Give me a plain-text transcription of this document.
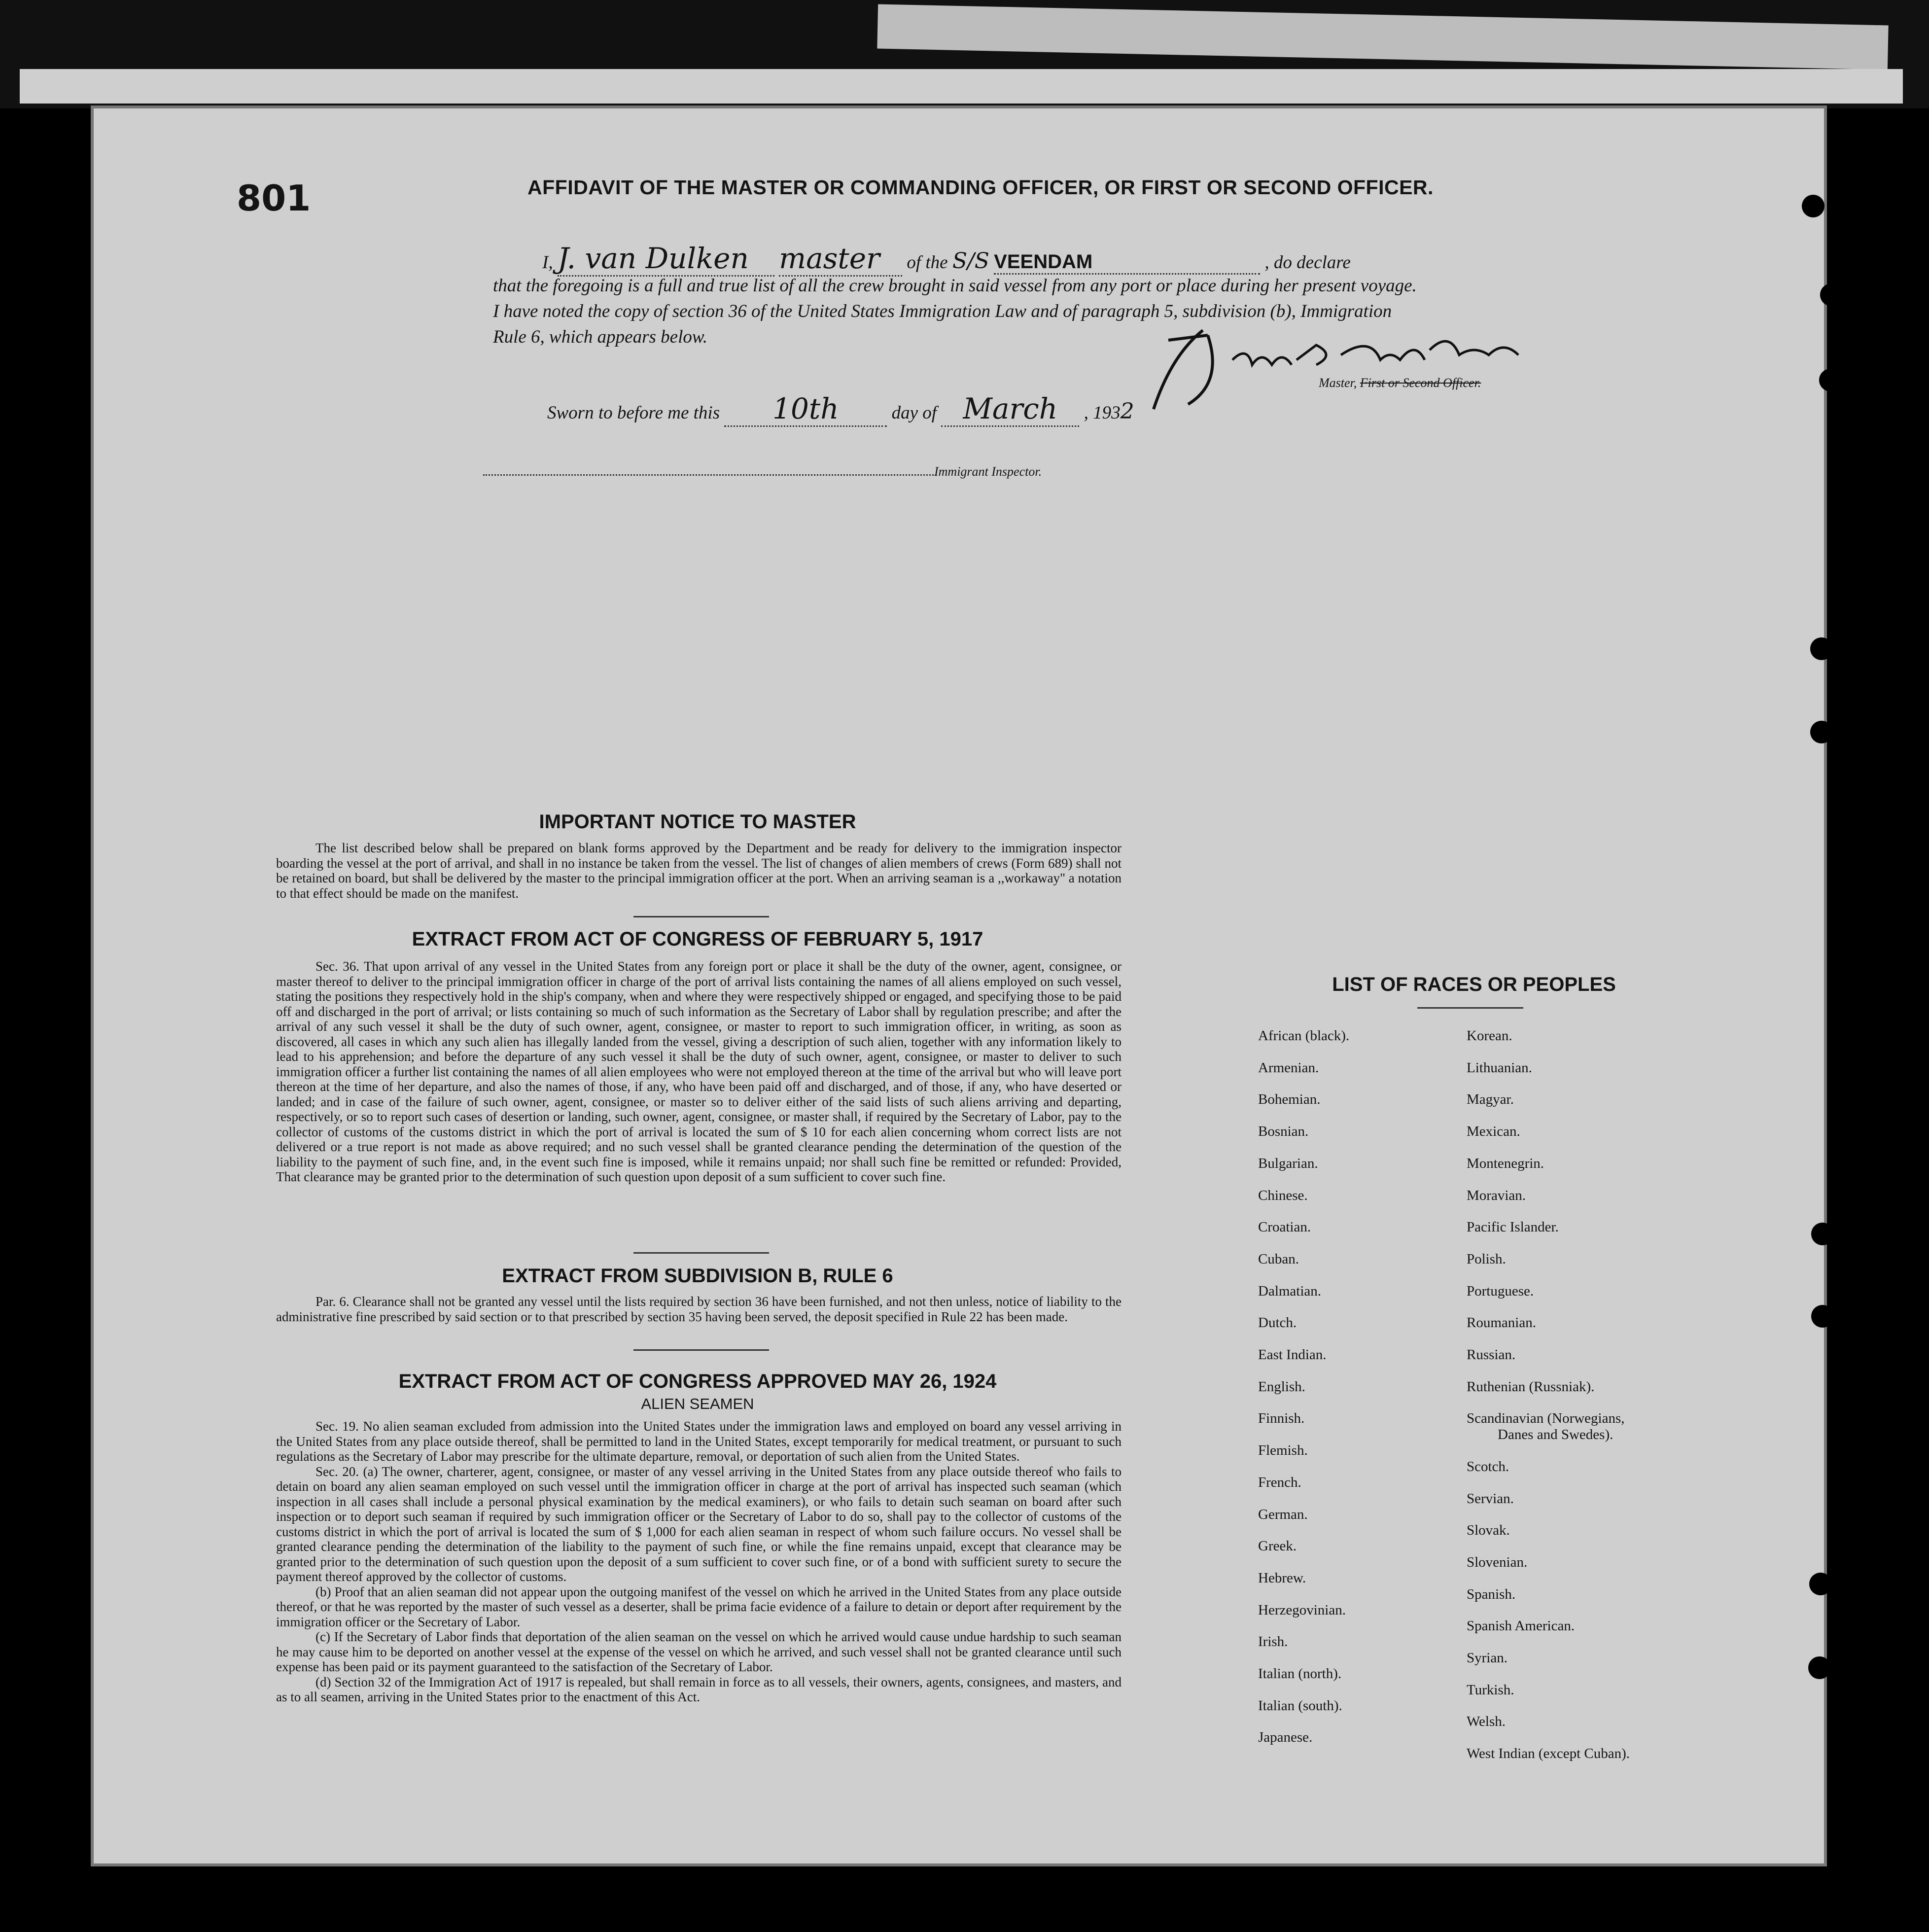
801	AFFIDAVIT OF THE MASTER OR COMMANDING OFFICER, OR FIRST OR SECOND OFFICER.
I, J. van Dulken master of the S/S VEENDAM	, do declare
that the foregoing is a full and true list of all the crew brought in said vessel from any port or place during her present voyage.
I have noted the copy of section 36 of the United States Immigration Law and of paragraph 5, subdivision (b), Immigration
Rule 6, which appears below.
J. van Dulken
Master, First or Second Officer.
Sworn to before me this 10th	day of March , 1932
Immigrant Inspector.
IMPORTANT NOTICE TO MASTER
The list described below shall be prepared on blank forms approved by the Department and be ready for delivery to the immigration inspector boarding the vessel at the port of arrival, and shall in no instance be taken from the vessel. The list of changes of alien members of crews (Form 689) shall not be retained on board, but shall be delivered by the master to the principal immigration officer at the port. When an arriving seaman is a ,,workaway" a notation to that effect should be made on the manifest.
EXTRACT FROM ACT OF CONGRESS OF FEBRUARY 5, 1917
Sec. 36. That upon arrival of any vessel in the United States from any foreign port or place it shall be the duty of the owner, agent, consignee, or master thereof to deliver to the principal immigration officer in charge of the port of arrival lists containing the names of all aliens employed on such vessel, stating the positions they respectively hold in the ship's company, when and where they were respectively shipped or engaged, and specifying those to be paid off and discharged in the port of arrival; or lists containing so much of such information as the Secretary of Labor shall by regulation prescribe; and after the arrival of any such vessel it shall be the duty of such owner, agent, consignee, or master to report to such immigration officer, in writing, as soon as discovered, all cases in which any such alien has illegally landed from the vessel, giving a description of such alien, together with any information likely to lead to his apprehension; and before the departure of any such vessel it shall be the duty of such owner, agent, consignee, or master to deliver to such immigration officer a further list containing the names of all alien employees who were not employed thereon at the time of the arrival but who will leave port thereon at the time of her departure, and also the names of those, if any, who have been paid off and discharged, and of those, if any, who have deserted or landed; and in case of the failure of such owner, agent, consignee, or master so to deliver either of the said lists of such aliens arriving and departing, respectively, or so to report such cases of desertion or landing, such owner, agent, consignee, or master shall, if required by the Secretary of Labor, pay to the collector of customs of the customs district in which the port of arrival is located the sum of $ 10 for each alien concerning whom correct lists are not delivered or a true report is not made as above required; and no such vessel shall be granted clearance pending the determination of the question of the liability to the payment of such fine, and, in the event such fine is imposed, while it remains unpaid; nor shall such fine be remitted or refunded: Provided, That clearance may be granted prior to the determination of such question upon deposit of a sum sufficient to cover such fine.
EXTRACT FROM SUBDIVISION B, RULE 6
Par. 6. Clearance shall not be granted any vessel until the lists required by section 36 have been furnished, and not then unless, notice of liability to the administrative fine prescribed by said section or to that prescribed by section 35 having been served, the deposit specified in Rule 22 has been made.
EXTRACT FROM ACT OF CONGRESS APPROVED MAY 26, 1924
ALIEN SEAMEN
Sec. 19. No alien seaman excluded from admission into the United States under the immigration laws and employed on board any vessel arriving in the United States from any place outside thereof, shall be permitted to land in the United States, except temporarily for medical treatment, or pursuant to such regulations as the Secretary of Labor may prescribe for the ultimate departure, removal, or deportation of such alien from the United States.
Sec. 20. (a) The owner, charterer, agent, consignee, or master of any vessel arriving in the United States from any place outside thereof who fails to detain on board any alien seaman employed on such vessel until the immigration officer in charge at the port of arrival has inspected such seaman (which inspection in all cases shall include a personal physical examination by the medical examiners), or who fails to detain such seaman on board after such inspection or to deport such seaman if required by such immigration officer or the Secretary of Labor to do so, shall pay to the collector of customs of the customs district in which the port of arrival is located the sum of $ 1,000 for each alien seaman in respect of whom such failure occurs. No vessel shall be granted clearance pending the determination of the liability to the payment of such fine, or while the fine remains unpaid, except that clearance may be granted prior to the determination of such question upon the deposit of a sum sufficient to cover such fine, or of a bond with sufficient surety to secure the payment thereof approved by the collector of customs.
(b) Proof that an alien seaman did not appear upon the outgoing manifest of the vessel on which he arrived in the United States from any place outside thereof, or that he was reported by the master of such vessel as a deserter, shall be prima facie evidence of a failure to detain or deport after requirement by the immigration officer or the Secretary of Labor.
(c) If the Secretary of Labor finds that deportation of the alien seaman on the vessel on which he arrived would cause undue hardship to such seaman he may cause him to be deported on another vessel at the expense of the vessel on which he arrived, and such vessel shall not be granted clearance until such expense has been paid or its payment guaranteed to the satisfaction of the Secretary of Labor.
(d) Section 32 of the Immigration Act of 1917 is repealed, but shall remain in force as to all vessels, their owners, agents, consignees, and masters, and as to all seamen, arriving in the United States prior to the enactment of this Act.
LIST OF RACES OR PEOPLES
African (black).
Armenian.
Bohemian.
Bosnian.
Bulgarian.
Chinese.
Croatian.
Cuban.
Dalmatian.
Dutch.
East Indian.
English.
Finnish.
Flemish.
French.
German.
Greek.
Hebrew.
Herzegovinian.
Irish.
Italian (north).
Italian (south).
Japanese.
Korean.
Lithuanian.
Magyar.
Mexican.
Montenegrin.
Moravian.
Pacific Islander.
Polish.
Portuguese.
Roumanian.
Russian.
Ruthenian (Russniak).
Scandinavian (Norwegians,
Danes and Swedes).
Scotch.
Servian.
Slovak.
Slovenian.
Spanish.
Spanish American.
Syrian.
Turkish.
Welsh.
West Indian (except Cuban).
